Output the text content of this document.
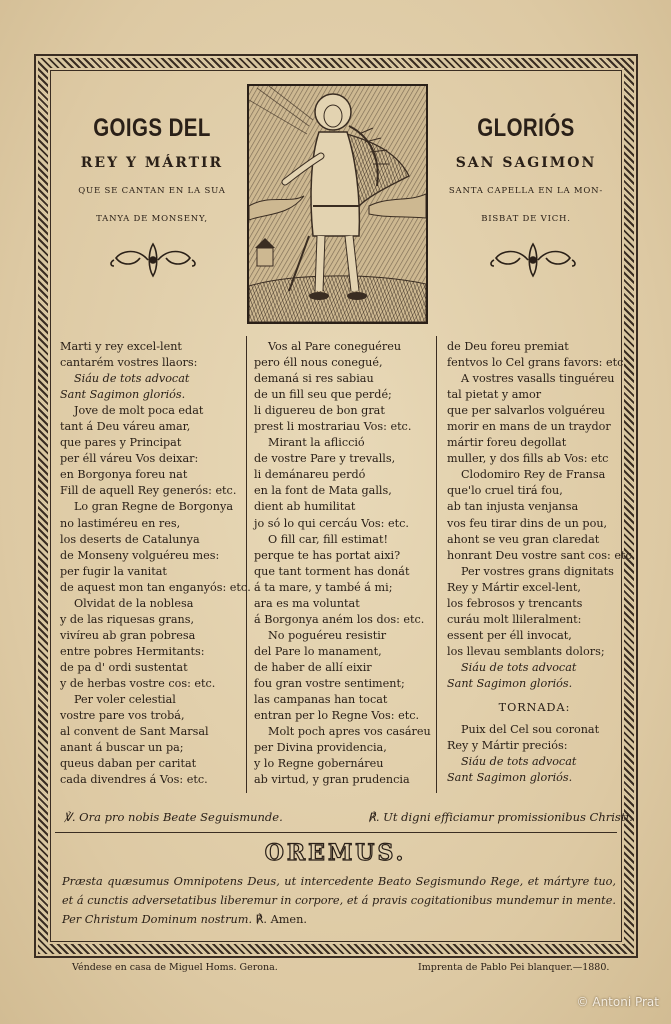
GOIGS DEL	GLORIÓS
REY Y MÁRTIR	SAN SAGIMON
QUE SE CANTAN EN LA SUA
TANYA DE MONSENY,
SANTA CAPELLA EN LA MON-
BISBAT DE VICH.
Marti y rey excel-lent
cantarém vostres llaors:
Siáu de tots advocat
Sant Sagimon gloriós.
Jove de molt poca edat
tant á Deu váreu amar,
que pares y Principat
per éll váreu Vos deixar:
en Borgonya foreu nat
Fill de aquell Rey generós: etc.
Lo gran Regne de Borgonya
no lastiméreu en res,
los deserts de Catalunya
de Monseny volguéreu mes:
per fugir la vanitat
de aquest mon tan enganyós: etc.
Olvidat de la noblesa
y de las riquesas grans,
vivíreu ab gran pobresa
entre pobres Hermitants:
de pa d' ordi sustentat
y de herbas vostre cos: etc.
Per voler celestial
vostre pare vos trobá,
al convent de Sant Marsal
anant á buscar un pa;
queus daban per caritat
cada divendres á Vos: etc.
Vos al Pare coneguéreu
pero éll nous conegué,
demaná si res sabiau
de un fill seu que perdé;
li diguereu de bon grat
prest li mostrariau Vos: etc.
Mirant la aflicció
de vostre Pare y trevalls,
li demánareu perdó
en la font de Mata galls,
dient ab humilitat
jo só lo qui cercáu Vos: etc.
O fill car, fill estimat!
perque te has portat aixi?
que tant torment has donát
á ta mare, y també á mi;
ara es ma voluntat
á Borgonya aném los dos: etc.
No poguéreu resistir
del Pare lo manament,
de haber de allí eixir
fou gran vostre sentiment;
las campanas han tocat
entran per lo Regne Vos: etc.
Molt poch apres vos casáreu
per Divina providencia,
y lo Regne gobernáreu
ab virtud, y gran prudencia
de Deu foreu premiat
fentvos lo Cel grans favors: etc.
A vostres vasalls tinguéreu
tal pietat y amor
que per salvarlos volguéreu
morir en mans de un traydor
mártir foreu degollat
muller, y dos fills ab Vos: etc
Clodomiro Rey de Fransa
que'lo cruel tirá fou,
ab tan injusta venjansa
vos feu tirar dins de un pou,
ahont se veu gran claredat
honrant Deu vostre sant cos: etc.
Per vostres grans dignitats
Rey y Mártir excel-lent,
los febrosos y trencants
curáu molt llileralment:
essent per éll invocat,
los llevau semblants dolors;
Siáu de tots advocat
Sant Sagimon gloriós.
TORNADA:
Puix del Cel sou coronat
Rey y Mártir preciós:
Siáu de tots advocat
Sant Sagimon gloriós.
℣. Ora pro nobis Beate Seguismunde.	℟. Ut digni efficiamur promissionibus Christi.
OREMUS.
Præsta quæsumus Omnipotens Deus, ut intercedente Beato Segismundo Rege, et mártyre tuo, et á cunctis adversetatibus liberemur in corpore, et á pravis cogitationibus mundemur in mente. Per Christum Dominum nostrum. ℟. Amen.
Véndese en casa de Miguel Homs. Gerona.	Imprenta de Pablo Pei blanquer.—1880.
© Antoni Prat
